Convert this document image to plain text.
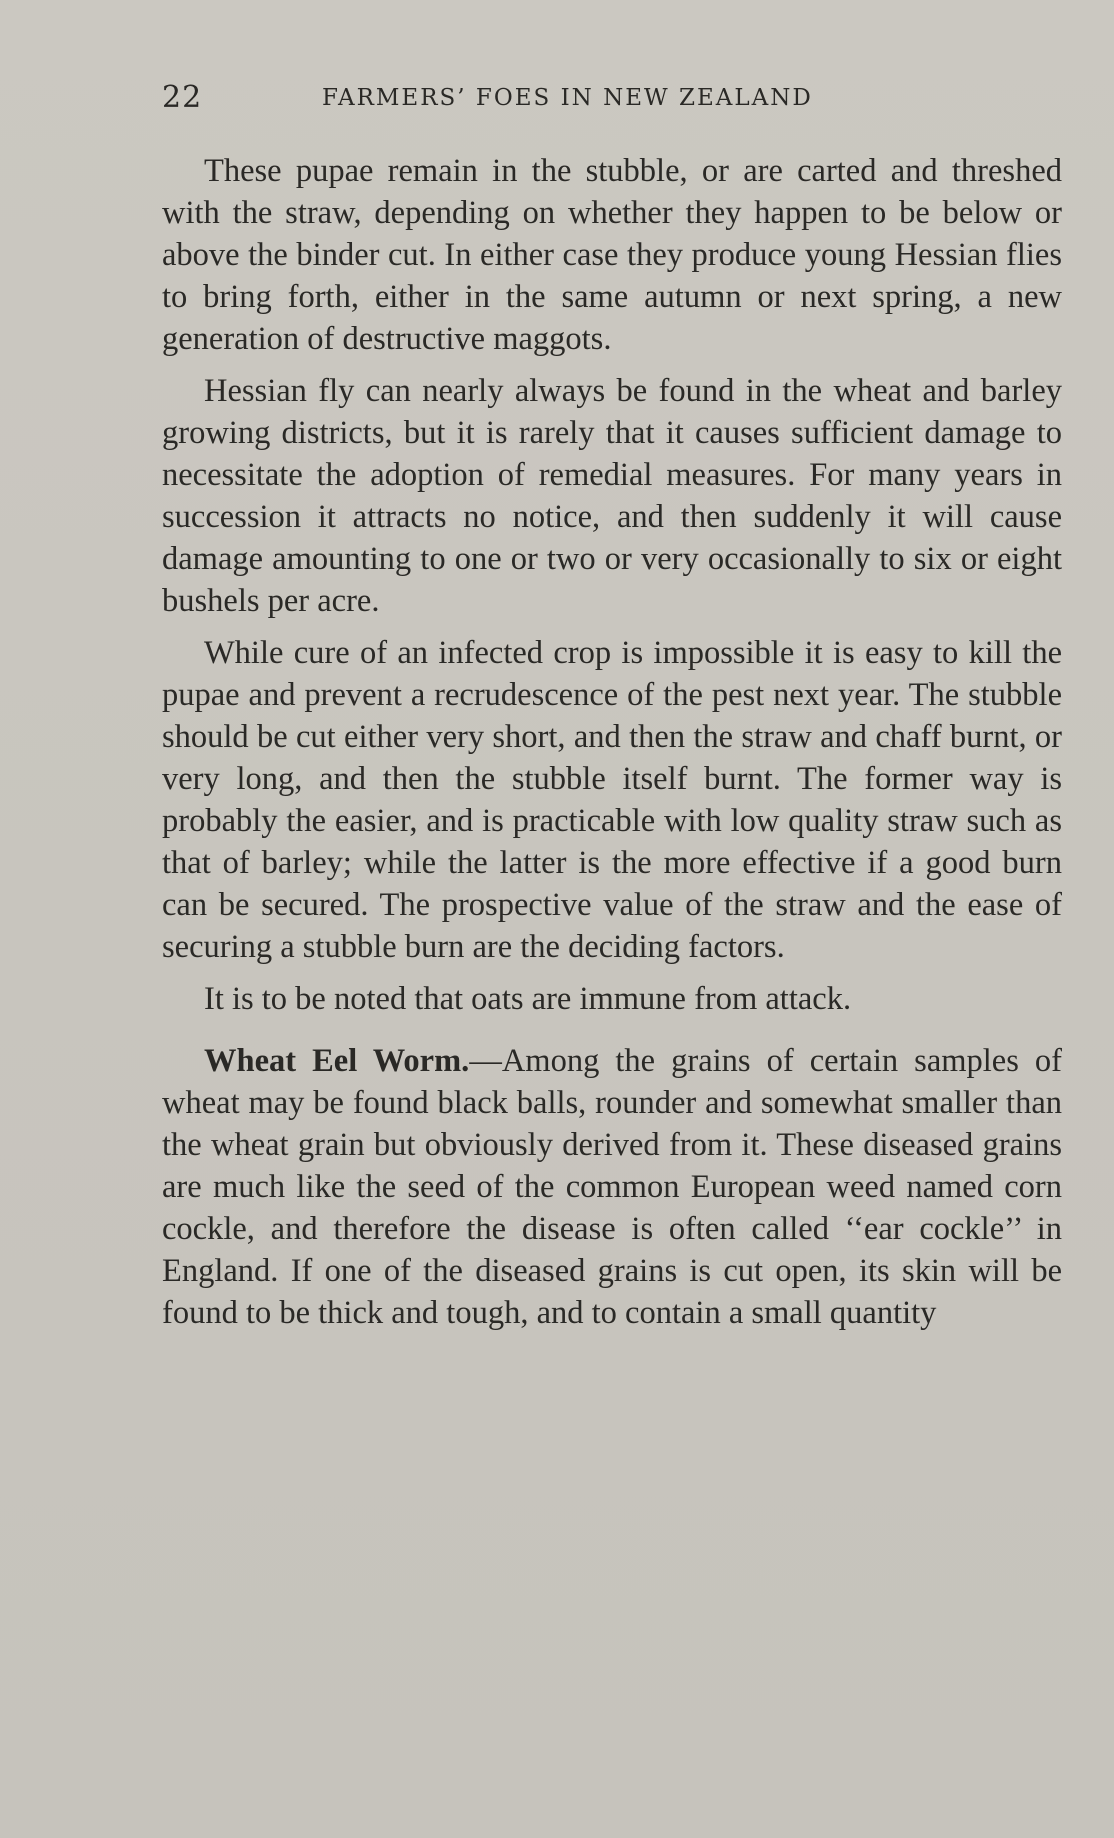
22	FARMERS’ FOES IN NEW ZEALAND

These pupae remain in the stubble, or are carted and threshed with the straw, depending on whether they happen to be below or above the binder cut. In either case they produce young Hessian flies to bring forth, either in the same autumn or next spring, a new generation of destructive maggots.

Hessian fly can nearly always be found in the wheat and barley growing districts, but it is rarely that it causes sufficient damage to necessitate the adoption of remedial measures. For many years in succession it attracts no notice, and then suddenly it will cause damage amounting to one or two or very occasionally to six or eight bushels per acre.

While cure of an infected crop is impossible it is easy to kill the pupae and prevent a recrudescence of the pest next year. The stubble should be cut either very short, and then the straw and chaff burnt, or very long, and then the stubble itself burnt. The former way is probably the easier, and is practicable with low quality straw such as that of barley; while the latter is the more effective if a good burn can be secured. The prospective value of the straw and the ease of securing a stubble burn are the deciding factors.

It is to be noted that oats are immune from attack.

Wheat Eel Worm.—Among the grains of certain samples of wheat may be found black balls, rounder and somewhat smaller than the wheat grain but obviously derived from it. These diseased grains are much like the seed of the common European weed named corn cockle, and therefore the disease is often called ‘‘ear cockle’’ in England. If one of the diseased grains is cut open, its skin will be found to be thick and tough, and to contain a small quantity
